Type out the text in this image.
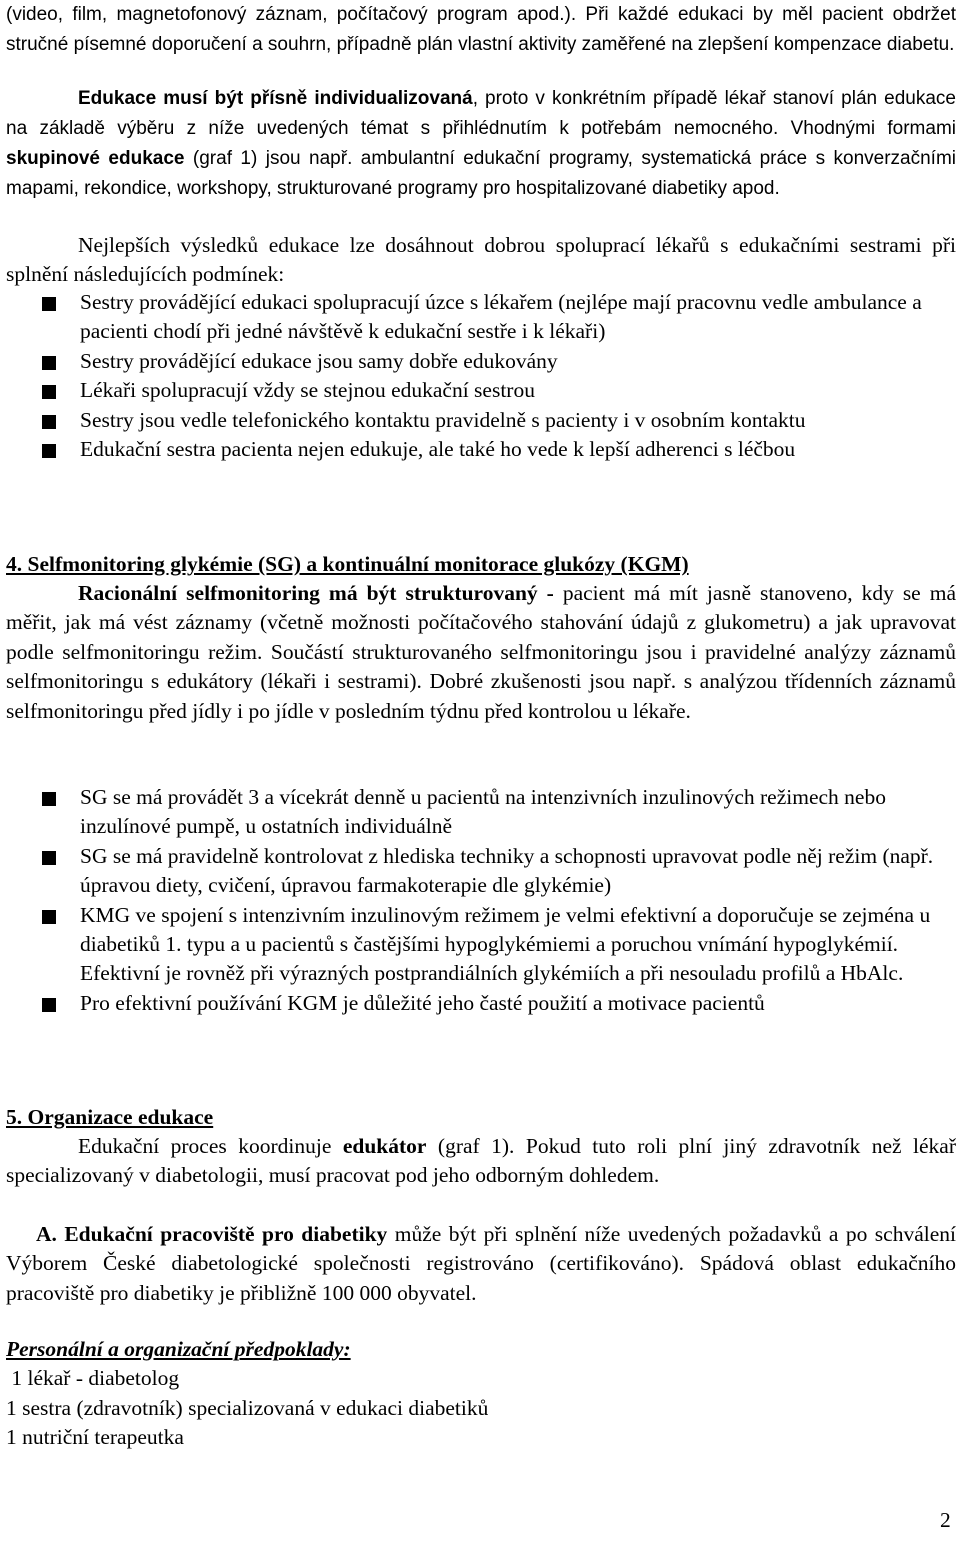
(video, film, magnetofonový záznam, počítačový program apod.). Při každé edukaci by měl pacient obdržet stručné písemné doporučení a souhrn, případně plán vlastní aktivity zaměřené na zlepšení kompenzace diabetu.

Edukace musí být přísně individualizovaná, proto v konkrétním případě lékař stanoví plán edukace na základě výběru z níže uvedených témat s přihlédnutím k potřebám nemocného. Vhodnými formami skupinové edukace (graf 1) jsou např. ambulantní edukační programy, systematická práce s konverzačními mapami, rekondice, workshopy, strukturované programy pro hospitalizované diabetiky apod.

Nejlepších výsledků edukace lze dosáhnout dobrou spoluprací lékařů s edukačními sestrami při splnění následujících podmínek:

Sestry provádějící edukaci spolupracují úzce s lékařem (nejlépe mají pracovnu vedle ambulance a pacienti chodí při jedné návštěvě k edukační sestře i k lékaři)
Sestry provádějící edukace jsou samy dobře edukovány
Lékaři spolupracují vždy se stejnou edukační sestrou
Sestry jsou vedle telefonického kontaktu pravidelně s pacienty i v osobním kontaktu
Edukační sestra pacienta nejen edukuje, ale také ho vede k lepší adherenci s léčbou

4. Selfmonitoring glykémie (SG) a kontinuální monitorace glukózy (KGM)

Racionální selfmonitoring má být strukturovaný - pacient má mít jasně stanoveno, kdy se má měřit, jak má vést záznamy (včetně možnosti počítačového stahování údajů z glukometru) a jak upravovat podle selfmonitoringu režim. Součástí strukturovaného selfmonitoringu jsou i pravidelné analýzy záznamů selfmonitoringu s edukátory (lékaři i sestrami). Dobré zkušenosti jsou např. s analýzou třídenních záznamů selfmonitoringu před jídly i po jídle v posledním týdnu před kontrolou u lékaře.

SG se má provádět 3 a vícekrát denně u pacientů na intenzivních inzulinových režimech nebo inzulínové pumpě, u ostatních individuálně
SG se má pravidelně kontrolovat z hlediska techniky a schopnosti upravovat podle něj režim (např. úpravou diety, cvičení, úpravou farmakoterapie dle glykémie)
KMG ve spojení s intenzivním inzulinovým režimem je velmi efektivní a doporučuje se zejména u diabetiků 1. typu a u pacientů s častějšími hypoglykémiemi a poruchou vnímání hypoglykémií. Efektivní je rovněž při výrazných postprandiálních glykémiích a při nesouladu profilů a HbAlc.
Pro efektivní používání KGM je důležité jeho časté použití a motivace pacientů

5. Organizace edukace

Edukační proces koordinuje edukátor (graf 1). Pokud tuto roli plní jiný zdravotník než lékař specializovaný v diabetologii, musí pracovat pod jeho odborným dohledem.

A. Edukační pracoviště pro diabetiky může být při splnění níže uvedených požadavků a po schválení Výborem České diabetologické společnosti registrováno (certifikováno). Spádová oblast edukačního pracoviště pro diabetiky je přibližně 100 000 obyvatel.

Personální a organizační předpoklady:

1 lékař - diabetolog

1 sestra (zdravotník) specializovaná v edukaci diabetiků

1 nutriční terapeutka

2
